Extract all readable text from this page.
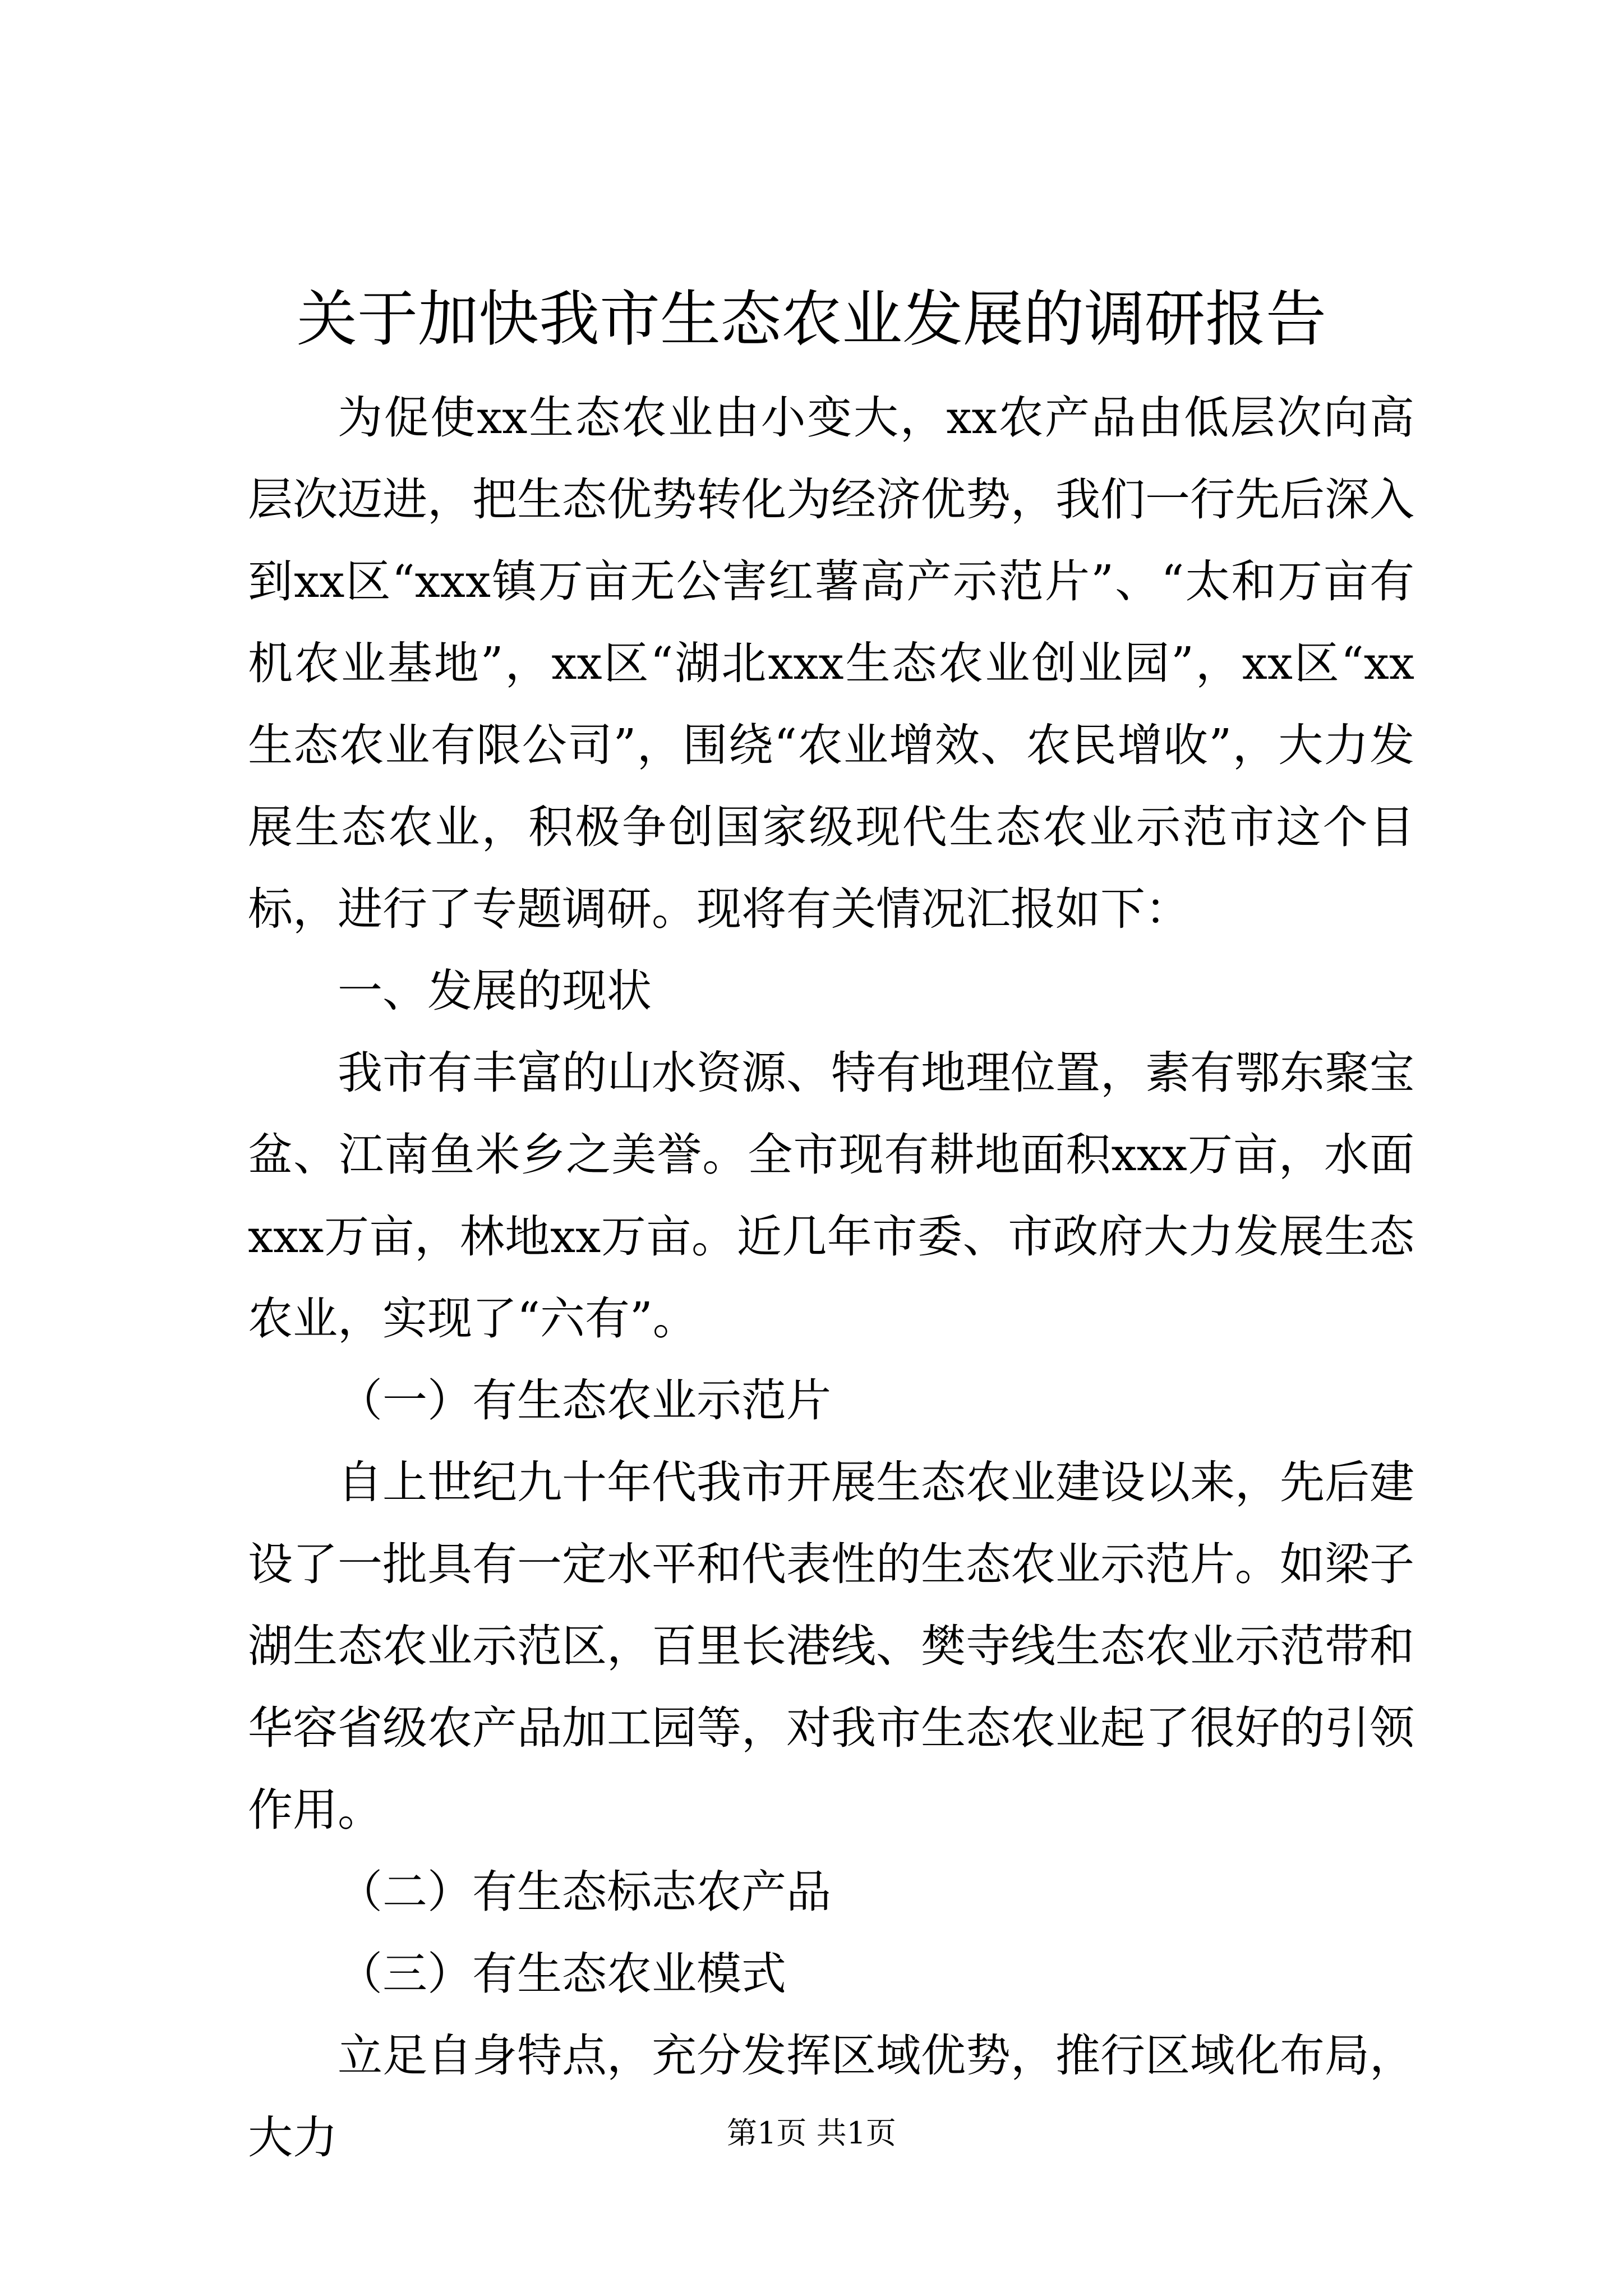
关于加快我市生态农业发展的调研报告

为促使xx生态农业由小变大，xx农产品由低层次向高层次迈进，把生态优势转化为经济优势，我们一行先后深入到xx区“xxx镇万亩无公害红薯高产示范片”、“太和万亩有机农业基地”，xx区“湖北xxx生态农业创业园”，xx区“xx生态农业有限公司”，围绕“农业增效、农民增收”，大力发展生态农业，积极争创国家级现代生态农业示范市这个目标，进行了专题调研。现将有关情况汇报如下：

一、发展的现状

我市有丰富的山水资源、特有地理位置，素有鄂东聚宝盆、江南鱼米乡之美誉。全市现有耕地面积xxx万亩，水面xxx万亩，林地xx万亩。近几年市委、市政府大力发展生态农业，实现了“六有”。

（一）有生态农业示范片

自上世纪九十年代我市开展生态农业建设以来，先后建设了一批具有一定水平和代表性的生态农业示范片。如梁子湖生态农业示范区，百里长港线、樊寺线生态农业示范带和华容省级农产品加工园等，对我市生态农业起了很好的引领作用。

（二）有生态标志农产品

（三）有生态农业模式

立足自身特点，充分发挥区域优势，推行区域化布局，大力	第1页 共1页
